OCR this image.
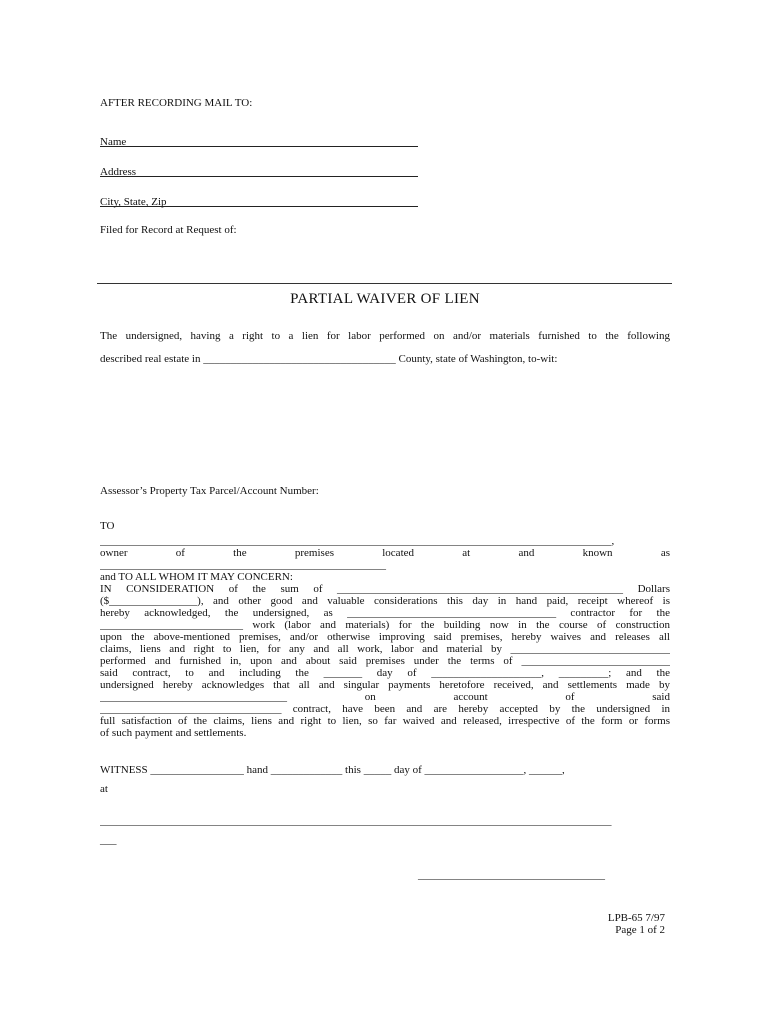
AFTER RECORDING MAIL TO:
Name
Address
City, State, Zip
Filed for Record at Request of:
PARTIAL WAIVER OF LIEN
The undersigned, having a right to a lien for labor performed on and/or materials furnished to the following
described real estate in ___________________________________ County, state of Washington, to-wit:
Assessor’s Property Tax Parcel/Account Number:
TO
_____________________________________________________________________________________________,
owner of the premises located at and known as
____________________________________________________
and TO ALL WHOM IT MAY CONCERN:
IN CONSIDERATION of the sum of ____________________________________________________ Dollars
($________________), and other good and valuable considerations this day in hand paid, receipt whereof is
hereby acknowledged, the undersigned, as ______________________________________ contractor for the
__________________________ work (labor and materials) for the building now in the course of construction
upon the above-mentioned premises, and/or otherwise improving said premises, hereby waives and releases all
claims, liens and right to lien, for any and all work, labor and material by _____________________________
performed and furnished in, upon and about said premises under the terms of ___________________________
said contract, to and including the _______ day of ____________________, _________; and the
undersigned hereby acknowledges that all and singular payments heretofore received, and settlements made by
__________________________________ on account of said
_________________________________ contract, have been and are hereby accepted by the undersigned in
full satisfaction of the claims, liens and right to lien, so far waived and released, irrespective of the form or forms
of such payment and settlements.
WITNESS _________________ hand _____________ this _____ day of __________________, ______,
at
_____________________________________________________________________________________________
___
__________________________________
LPB-65 7/97
Page 1 of 2
